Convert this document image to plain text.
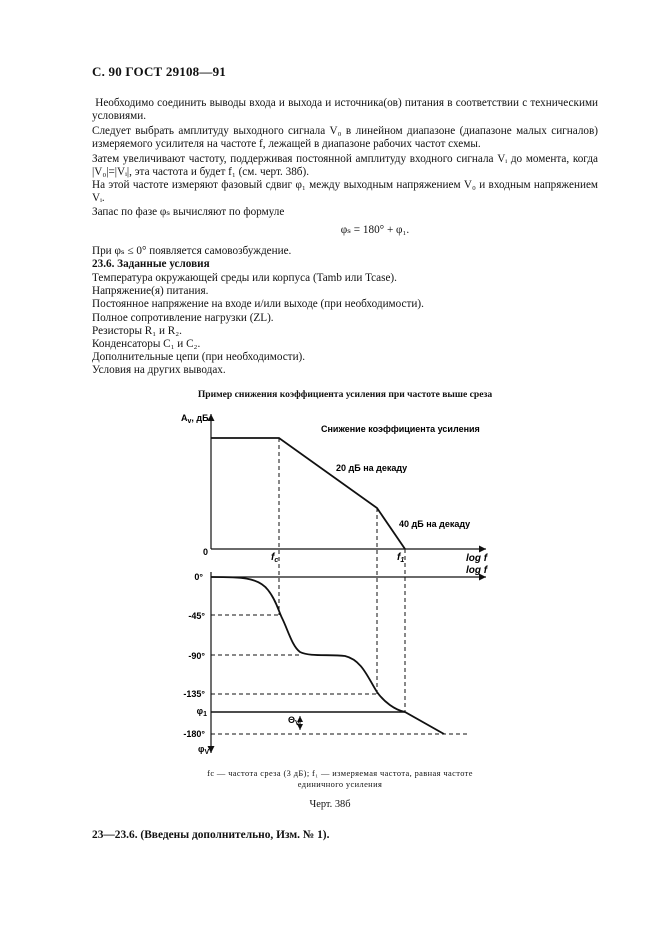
С. 90 ГОСТ 29108—91
Необходимо соединить выводы входа и выхода и источника(ов) питания в соответствии с техническими условиями.
Следует выбрать амплитуду выходного сигнала V₀ в линейном диапазоне (диапазоне малых сигналов) измеряемого усилителя на частоте f, лежащей в диапазоне рабочих частот схемы.
Затем увеличивают частоту, поддерживая постоянной амплитуду входного сигнала Vᵢ до момента, когда |V₀|=|Vᵢ|, эта частота и будет f₁ (см. черт. 38б).
На этой частоте измеряют фазовый сдвиг φ₁ между выходным напряжением V₀ и входным напряжением Vᵢ.
Запас по фазе φₛ вычисляют по формуле
φₛ = 180° + φ₁.
При φₛ ≤ 0° появляется самовозбуждение.
23.6. Заданные условия
Температура окружающей среды или корпуса (Tamb или Tcase).
Напряжение(я) питания.
Постоянное напряжение на входе и/или выходе (при необходимости).
Полное сопротивление нагрузки (ZL).
Резисторы R₁ и R₂.
Конденсаторы C₁ и C₂.
Дополнительные цепи (при необходимости).
Условия на других выводах.
Пример снижения коэффициента усиления при частоте выше среза
$A_v$, дБ
0	$f_c$	$f_1$	log f
log f
Снижение коэффициента усиления
20 дБ на декаду
40 дБ на декаду
0°
-45°
-90°
-135°
$\varphi_1$
-180°
$\varphi_V$
$\Theta_V$
fc — частота среза (3 дБ); f₁ — измеряемая частота, равная частоте
единичного усиления
Черт. 38б
23—23.6. (Введены дополнительно, Изм. № 1).
